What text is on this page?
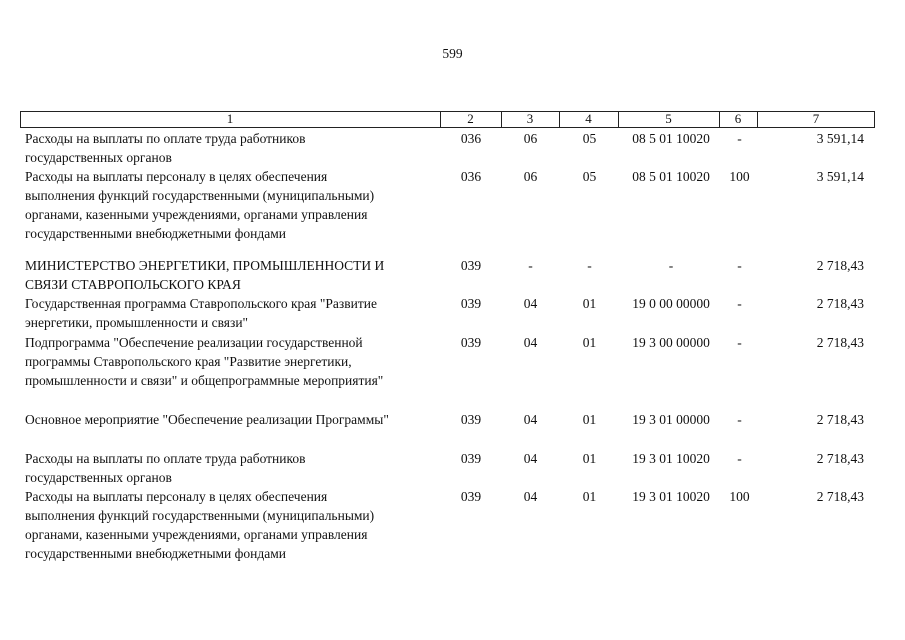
599
1	2	3	4	5	6	7
Расходы на выплаты по оплате труда работников
государственных органов
036	06	05	08 5 01 10020	-	3 591,14
Расходы на выплаты персоналу в целях обеспечения
выполнения функций государственными (муниципальными)
органами, казенными учреждениями, органами управления
государственными внебюджетными фондами
036	06	05	08 5 01 10020	100	3 591,14
МИНИСТЕРСТВО ЭНЕРГЕТИКИ, ПРОМЫШЛЕННОСТИ И
СВЯЗИ СТАВРОПОЛЬСКОГО КРАЯ
039	-	-	-	-	2 718,43
Государственная программа Ставропольского края "Развитие
энергетики, промышленности и связи"
039	04	01	19 0 00 00000	-	2 718,43
Подпрограмма "Обеспечение реализации государственной
программы Ставропольского края "Развитие энергетики,
промышленности и связи" и общепрограммные мероприятия"
039	04	01	19 3 00 00000	-	2 718,43
Основное мероприятие "Обеспечение реализации Программы"	039	04	01	19 3 01 00000	-	2 718,43
Расходы на выплаты по оплате труда работников
государственных органов
039	04	01	19 3 01 10020	-	2 718,43
Расходы на выплаты персоналу в целях обеспечения
выполнения функций государственными (муниципальными)
органами, казенными учреждениями, органами управления
государственными внебюджетными фондами
039	04	01	19 3 01 10020	100	2 718,43
